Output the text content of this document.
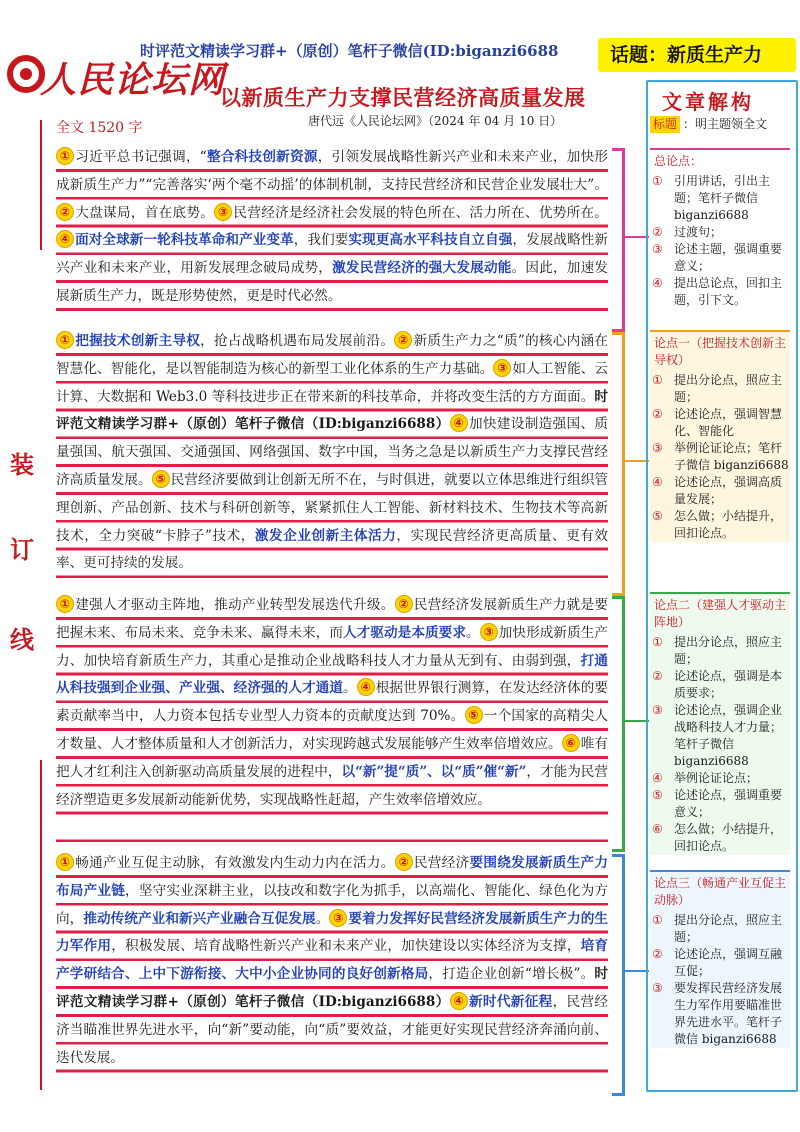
人民论坛网
时评范文精读学习群+（原创）笔杆子微信(ID:biganzi6688	话题：新质生产力
以新质生产力支撑民营经济高质量发展
唐代远《人民论坛网》（2024 年 04 月 10 日）
全文 1520 字
装
订
线
① 习近平总书记强调，“整合科技创新资源，引领发展战略性新兴产业和未来产业，加快形成新质生产力”“完善落实‘两个毫不动摇’的体制机制，支持民营经济和民营企业发展壮大”。② 大盘谋局，首在底势。 ③ 民营经济是经济社会发展的特色所在、活力所在、优势所在。④ 面对全球新一轮科技革命和产业变革，我们要实现更高水平科技自立自强，发展战略性新兴产业和未来产业，用新发展理念破局成势，激发民营经济的强大发展动能。因此，加速发展新质生产力，既是形势使然，更是时代必然。
① 把握技术创新主导权，抢占战略机遇布局发展前沿。 ② 新质生产力之“质”的核心内涵在智慧化、智能化，是以智能制造为核心的新型工业化体系的生产力基础。 ③ 如人工智能、云计算、大数据和 Web3.0 等科技进步正在带来新的科技革命，并将改变生活的方方面面。时评范文精读学习群+（原创）笔杆子微信（ID:biganzi6688） ④ 加快建设制造强国、质量强国、航天强国、交通强国、网络强国、数字中国，当务之急是以新质生产力支撑民营经济高质量发展。 ⑤ 民营经济要做到让创新无所不在，与时俱进，就要以立体思维进行组织管理创新、产品创新、技术与科研创新等，紧紧抓住人工智能、新材料技术、生物技术等高新技术，全力突破“卡脖子”技术，激发企业创新主体活力，实现民营经济更高质量、更有效率、更可持续的发展。
① 建强人才驱动主阵地，推动产业转型发展迭代升级。 ② 民营经济发展新质生产力就是要把握未来、布局未来、竞争未来、赢得未来，而人才驱动是本质要求。 ③ 加快形成新质生产力、加快培育新质生产力，其重心是推动企业战略科技人才力量从无到有、由弱到强，打通从科技强到企业强、产业强、经济强的人才通道。 ④ 根据世界银行测算，在发达经济体的要素贡献率当中，人力资本包括专业型人力资本的贡献度达到 70%。 ⑤ 一个国家的高精尖人才数量、人才整体质量和人才创新活力，对实现跨越式发展能够产生效率倍增效应。 ⑥ 唯有把人才红利注入创新驱动高质量发展的进程中，以“新”提“质”、以“质”催“新”，才能为民营经济塑造更多发展新动能新优势，实现战略性赶超，产生效率倍增效应。
① 畅通产业互促主动脉，有效激发内生动力内在活力。 ② 民营经济要围绕发展新质生产力布局产业链，坚守实业深耕主业，以技改和数字化为抓手，以高端化、智能化、绿色化为方向，推动传统产业和新兴产业融合互促发展。 ③ 要着力发挥好民营经济发展新质生产力的生力军作用，积极发展、培育战略性新兴产业和未来产业，加快建设以实体经济为支撑，培育产学研结合、上中下游衔接、大中小企业协同的良好创新格局，打造企业创新“增长极”。时评范文精读学习群+（原创）笔杆子微信（ID:biganzi6688） ④ 新时代新征程，民营经济当瞄准世界先进水平，向“新”要动能，向“质”要效益，才能更好实现民营经济奔涌向前、迭代发展。
文章解构
标题 ：明主题领全文
总论点：
① 引用讲话，引出主题；笔杆子微信 biganzi6688
② 过渡句；
③ 论述主题，强调重要意义；
④ 提出总论点，回扣主题，引下文。
论点一（把握技术创新主导权）
① 提出分论点，照应主题；
② 论述论点，强调智慧化、智能化
③ 举例论证论点；笔杆子微信 biganzi6688
④ 论述论点，强调高质量发展；
⑤ 怎么做；小结提升，回扣论点。
论点二（建强人才驱动主阵地）
① 提出分论点，照应主题；
② 论述论点，强调是本质要求；
③ 论述论点，强调企业战略科技人才力量；笔杆子微信 biganzi6688
④ 举例论证论点；
⑤ 论述论点，强调重要意义；
⑥ 怎么做；小结提升，回扣论点。
论点三（畅通产业互促主动脉）
① 提出分论点，照应主题；
② 论述论点，强调互融互促；
③ 要发挥民营经济发展生力军作用要瞄准世界先进水平。笔杆子微信 biganzi6688
